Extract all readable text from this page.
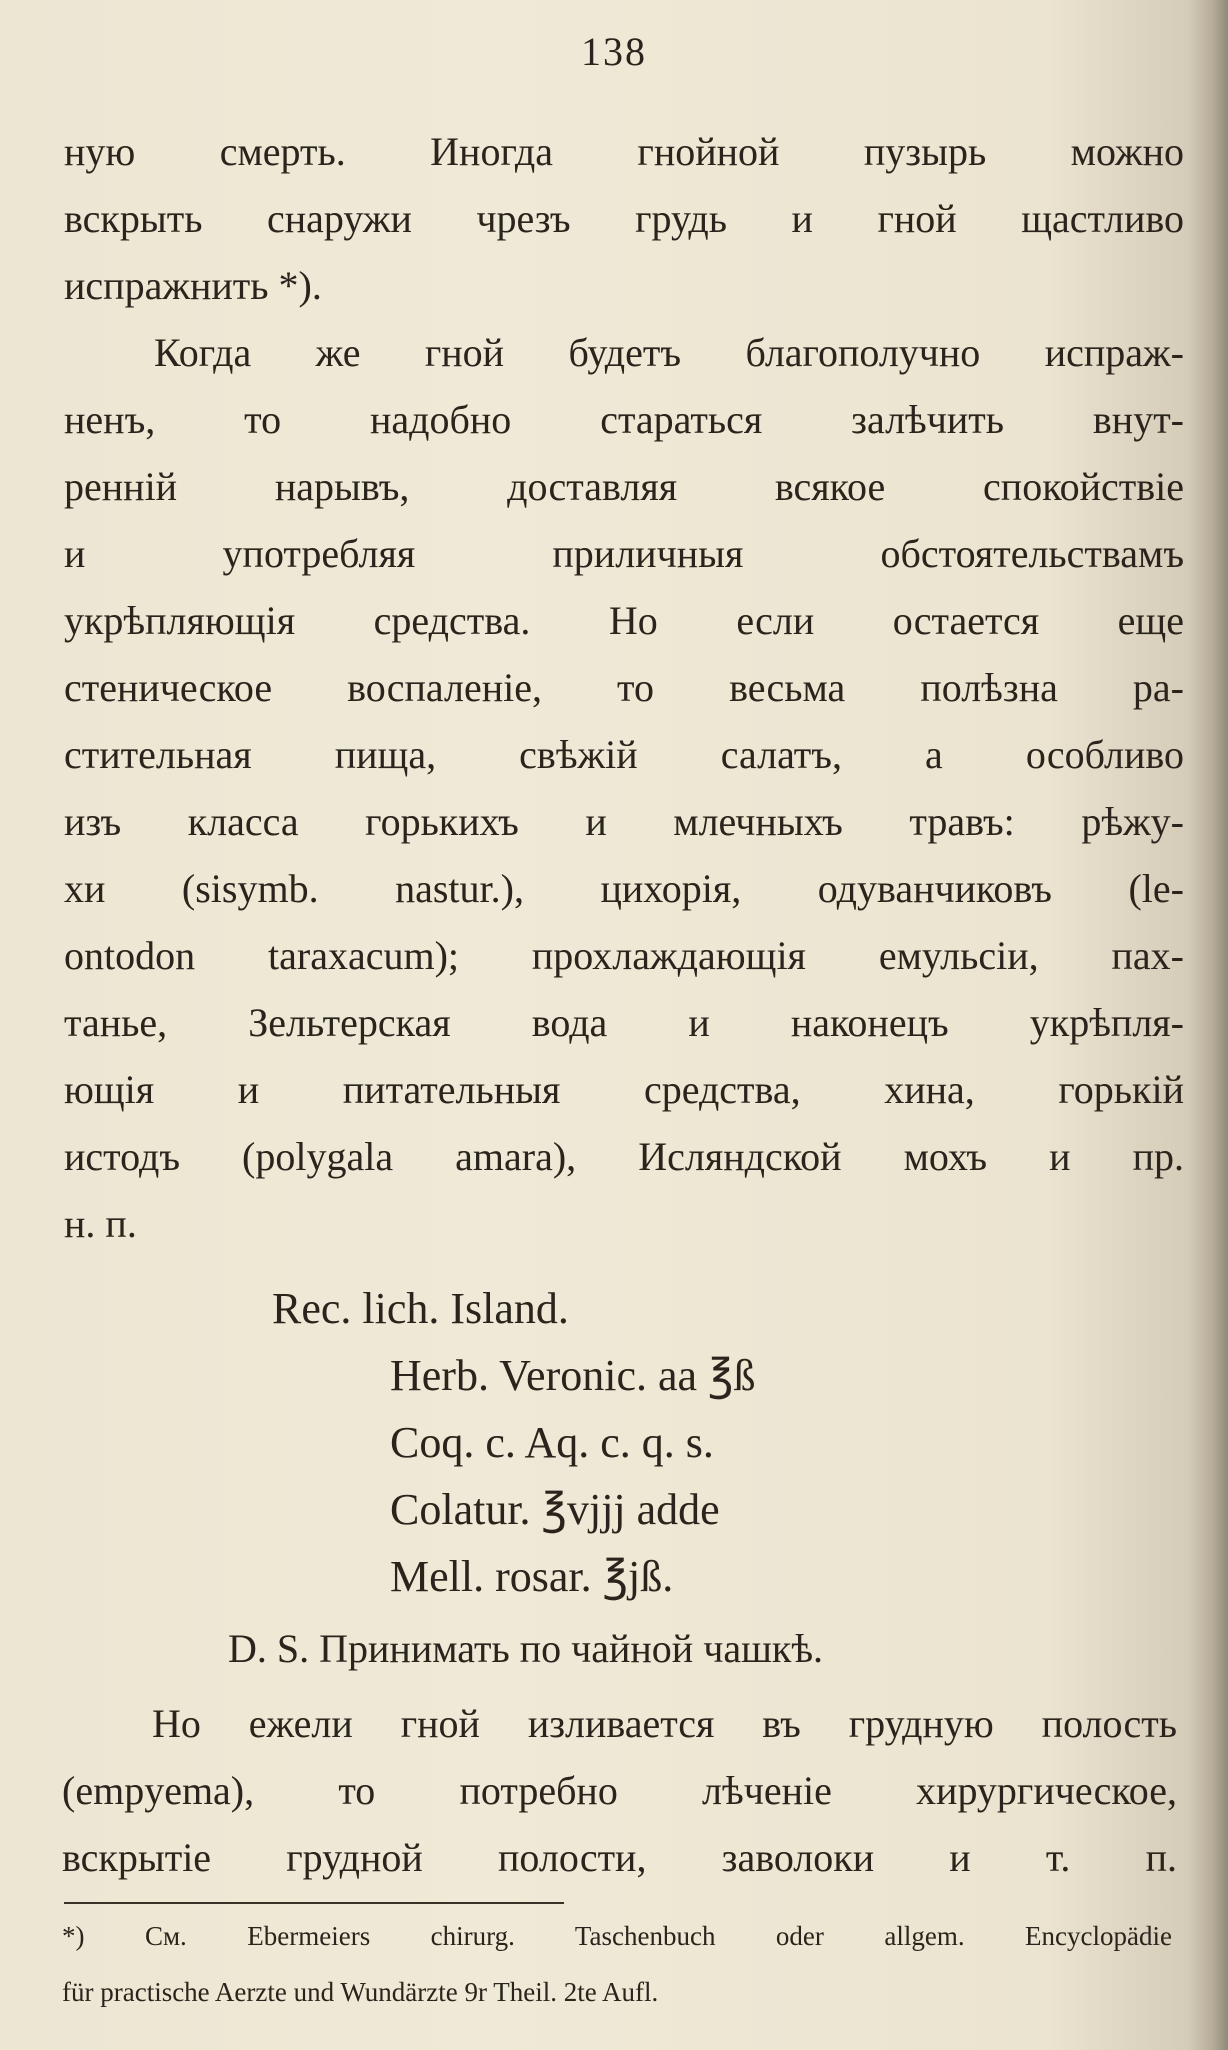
138
ную смерть. Иногда гнойной пузырь можно
вскрыть снаружи чрезъ грудь и гной щастливо
испражнить *).
Когда же гной будетъ благополучно испраж-
ненъ, то надобно стараться залѣчить внут-
ренній нарывъ, доставляя всякое спокойствіе
и употребляя приличныя обстоятельствамъ
укрѣпляющія средства. Но если остается еще
стеническое воспаленіе, то весьма полѣзна ра-
стительная пища, свѣжій салатъ, а особливо
изъ класса горькихъ и млечныхъ травъ: рѣжу-
хи (sisymb. nastur.), цихорія, одуванчиковъ (le-
ontodon taraxacum); прохлаждающія емульсіи, пах-
танье, Зельтерская вода и наконецъ укрѣпля-
ющія и питательныя средства, хина, горькій
истодъ (polygala amara), Исляндской мохъ и пр.
н. п.
Rec. lich. Island.
Herb. Veronic. aa ℥ß
Coq. c. Aq. c. q. s.
Colatur. ℥vjjj adde
Mell. rosar. ℥jß.
D. S. Принимать по чайной чашкѣ.
Но ежели гной изливается въ грудную полость
(empyema), то потребно лѣченіе хирургическое,
вскрытіе грудной полости, заволоки и т. п.
*) См. Ebermeiers chirurg. Taschenbuch oder allgem. Encyclopädie
für practische Aerzte und Wundärzte 9r Theil. 2te Aufl.
